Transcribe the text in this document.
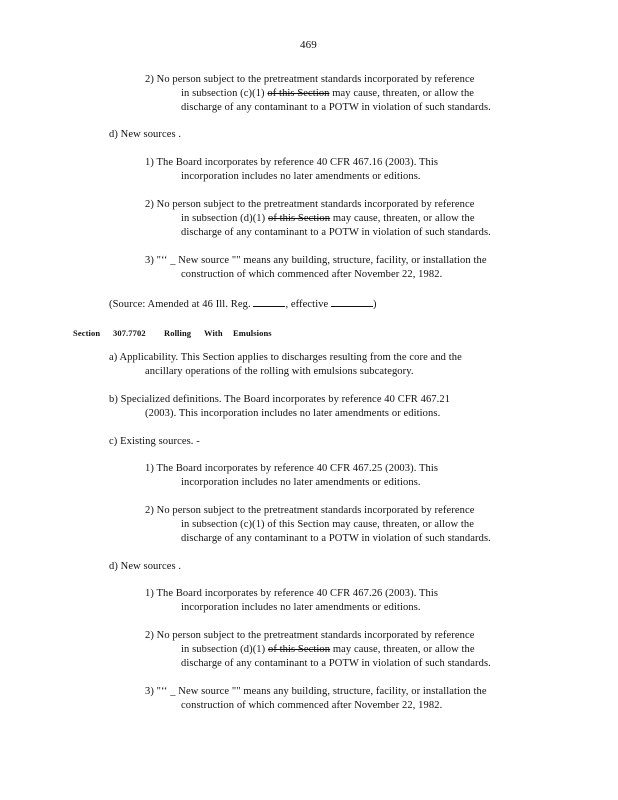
469
2) No person subject to the pretreatment standards incorporated by reference
in subsection (c)(1) of this Section may cause, threaten, or allow the
discharge of any contaminant to a POTW in violation of such standards.
d) New sources .
1) The Board incorporates by reference 40 CFR 467.16 (2003). This
incorporation includes no later amendments or editions.
2) No person subject to the pretreatment standards incorporated by reference
in subsection (d)(1) of this Section may cause, threaten, or allow the
discharge of any contaminant to a POTW in violation of such standards.
3) "‘‘ _ New source "" means any building, structure, facility, or installation the
construction of which commenced after November 22, 1982.
(Source: Amended at 46 Ill. Reg.	, effective	)
Section 307.7702 Rolling With Emulsions
a) Applicability. This Section applies to discharges resulting from the core and the
ancillary operations of the rolling with emulsions subcategory.
b) Specialized definitions. The Board incorporates by reference 40 CFR 467.21
(2003). This incorporation includes no later amendments or editions.
c) Existing sources. -
1) The Board incorporates by reference 40 CFR 467.25 (2003). This
incorporation includes no later amendments or editions.
2) No person subject to the pretreatment standards incorporated by reference
in subsection (c)(1) of this Section may cause, threaten, or allow the
discharge of any contaminant to a POTW in violation of such standards.
d) New sources .
1) The Board incorporates by reference 40 CFR 467.26 (2003). This
incorporation includes no later amendments or editions.
2) No person subject to the pretreatment standards incorporated by reference
in subsection (d)(1) of this Section may cause, threaten, or allow the
discharge of any contaminant to a POTW in violation of such standards.
3) "‘‘ _ New source "" means any building, structure, facility, or installation the
construction of which commenced after November 22, 1982.
